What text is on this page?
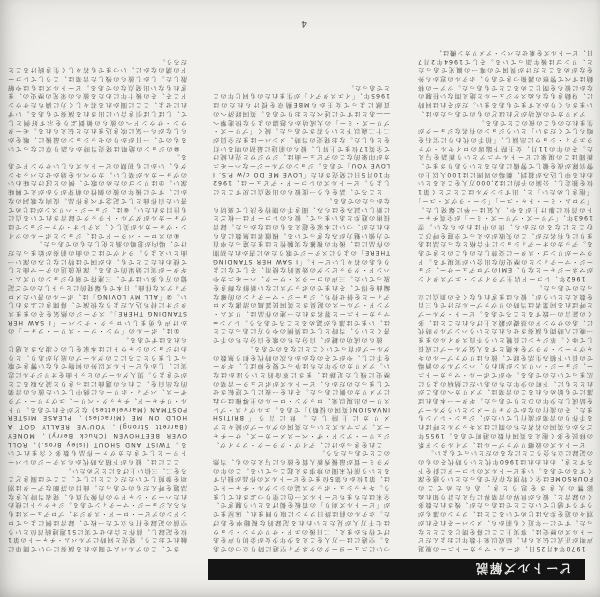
ビートルズ解説

1970年4月25日、ポール・マッカートニーの脱退声明が正式に伝えられ、結成以来十数年におよんだビートルズの歴史は、事実上ここに幕を閉じることとなった。すでに一年近くも前から、メンバーそれぞれが別々の道を歩みはじめていることは、ファンの誰もがうすうす感じていたことではあったが、残された数多くの録音と、彼らが世界の音楽界に与えた計り知れぬ影響の大きさを思うとき、あらためてこのFOURSOMEは全く特別な存在であったという感を深くするのである。いまビートルズのレコードに針を下ろすとき、われわれは1960年代という時代そのものの記録に立ち会うことになるのだといってもよい。

ビートルズの故郷リヴァプールは、アイルランド系の移民を多く抱える英国有数の港町である。1955年ごろから英国の若者たちの間にはスキッフルと呼ばれる手作りの音楽が流行していたが、ジョン・レノンもまた、その流行のなかでクォリーメンというグループを結成した少年のひとりであった。ギター一本あれば誰にでも始められるこの音楽は、アメリカへのあこがれとともに、下町の少年たちのあいだに熱病のように広まっていたのである。やがてポール・マッカートニー、ジョージ・ハリスンが加わり、ハンブルクの酒場での長い下積み生活を経て、彼らはリヴァプールのキャヴァーン・クラブを本拠とする人気グループに成長してゆく。革ジャンに長靴という不良スタイルのまま一晩に八時間も演奏させられたというハンブルク時代に、あのサウンドの基礎が鍛え上げられたことは、多くの証言の一致するところである。ビート・グループと呼ばれる同業者は当時のリヴァプールだけでも三百を数えたというが、彼らはまぎれもなくその頂点に立ったのであった。

1962年、レコード店主ブライアン・エプスタインがマネージャーとなり、EMIのプロデューサー、ジョージ・マーティンとの歴史的な出会いが実現する。ドラマーがリンゴ・スターに交替したのもこのときである。デッカのオーディションに不合格となった話はあまりにも有名だが、この失敗がかえって幸運を呼びこむことになるのだから、世の中はわからない。翌1963年、「プリーズ・プリーズ・ミー」が全英チャートの首位に駆け上がるや、人気は一挙に爆発した。「フロム・ミー・トゥ・ユー」「シー・ラヴズ・ユー」「抱きしめたい」と、出すシングルはことごとく第1位を独走し、公演の予約には2,000万人をこえるといわれる申し込みが殺到、劇場の周囲には100人以上の警官隊が夜を徹して警備にあたるというありさまで、新聞はこの現象にビートルマニアという新語を与えた。その年の11月、女王陛下臨席のロイヤル・ヴァラエティ・ショウに出演し、「拍手の代わりに宝石を鳴らしてください」というジョンの有名なジョークが生まれたのもこの夜のことである。

アメリカでの成功がどれほどのものであったかは、いまさらくりかえすまでもあるまい。だがそれは同時に、身動きもならぬスケジュールと絶え間ない狂騒のなかに彼らを閉じこめることでもあった。ツアーの移動はすべて警察の護衛つきであり、ホテルの窓から外をながめることだけが異国での唯一の観光であったと、リンゴは後年語っている。そして1964年2月7日、ビートルズを乗せたパン・アメリカン機は、

ついにニューヨークのケネディ空港に降り立つのである。空港には一万人をこえる少年少女が金切り声をあげて待ちかまえ、二日後のエド・サリヴァン・ショウは七千万人が見たといわれる記録的な視聴率をあげた。ホテルの前は終日ファンに取り囲まれ、床屋までが「ビートルズ刈り」の看板を掲げるという騒ぎで、全米はたちまちビートルズ一色に塗りつぶされてしまう。キャッシュ・ボックス誌のシングル・チャートでは、第1位から第5位までをビートルズの作品が独占するという前代未聞の珍事さえ起こっている。この年のグラミー賞が最優秀新人賞を彼らに与えたのも、当然のことであったろう。

これをきっかけに、デイヴ・クラーク・ファイヴ、ジェリー・アンド・ザ・ペースメーカーズ、サーチャーズ、アニマルズといった英国のグループが続々とアメリカに上陸した。世に言う「BRITISH INVASION(英国の侵略)」である。エルヴィス・プレスリーの出現以来、ロックン・ロールの主導権はつねにアメリカの側にあった。それを一夜にして逆転させてしまったのだから、ビートルズがポピュラー音楽の歴史に残した足跡は、まさに革命的というほかはない。アメリカの少年たちは争って髪を伸ばし、ギターを手にし、やがてそのなかから次の時代を担う無数のグループが育っていくことになるのである。

彼らの成功の鍵が、自分たちの歌を自分たちの手で書くという、当時としては異例のやり方にあったことは、いまでは誰もが認めるところであろう。レノン=マッカートニーと署名された一連の作品は、リズム・アンド・ブルースの泥臭さと英国民謡風の清潔なメロディーとを併せ持ち、ジョージ・マーティンの的確な編曲を得て、それまでのポップスにない新鮮な輝きを放っていた。三声のコーラス・ワーク、ハーモニカやハンド・クラッピングの効果的な使用、そしてなによりもあの若々しいビート。「I SAW HER STANDING THERE」のようにステージで歌うために書かれた初期の作品には、後年の複雑な実験性とはまた違った率直で力強い魅力がみなぎっている。模倣者は無数にあらわれたが、ついに本家を超えるものはなかった。録音技術の進歩とあいまって、彼らのレコードは一枚ごとに新しい試みをはらみ、聞き手の期待を決して裏切らなかったのである。

ところで、話をもう一度彼らの出発点に戻すことにしよう。ビートルズのレコード・デビューは、1962年10月5日に発売された「LOVE ME DO c/w P.S. I LOVE YOU」である。ジョンのブルージーなハーモニカが印象的なこのデビュー曲は、ジワジワと売れ続けて全英17位まで上昇し、彼らの前途に最初の明るい灯をともした。なお発売の当時、メンバーはまだ全員が二十二歳以下という若さであった。続く「プリーズ・プリーズ・ミー」の大成功から怒濤のような快進撃へ――あとはすでに述べたとおりである。英国経済への貢献によって女王からMBE勲章を授けられたのは1965年、「イエスタデイ」が生まれたのも同じ年のことであった。

さて、このアルバムで聞かれる演奏について簡単に触れておこう。発売と同時にアルバム・チャートの第1位を記録し、前作と合わせて実に51週連続首位という空前の記録を打ち立てた一枚で、録音は例によってロンドンのアビー・ロード・スタジオ、プロデュースはもちろんジョージ・マーティンである。ジャケットに使われたハーフ・シャドウの肖像写真も、発表当時大きな話題を呼んだものであった。曲目の詳細なデータは別項を参照していただくことにして、ここでは聞きどころを二、三拾い上げるにとどめたい。

ここには、彼らが下積み時代からステージのレパートリーとしてきたカヴァー作品も数多く含まれている。TWIST AND SHOUT (Isley Bros.)、ROLL OVER BEETHOVEN (Chuck Berry)、MONEY (Barrett Strong)、YOU'VE REALLY GOT A HOLD ON ME (Miracles)、PLEASE MISTER POSTMAN (Marvelettes) などがそれである。リトル・リチャード、チャック・ベリー、エヴァリー・ブラザース、バディ・ホリーらに熱中していた彼らの音楽的な出自を、これらの選曲にはっきりと読み取ることができよう。黒人グループのヒット曲をオリジナルに忠実に、しかもビートルズ以外の何物でもない響きで歌ってしまうところにこのグループの底力があり、とりわけジョンのシャウトには本家をしのぐ凄みさえ感じられるはずである。

①は、ポールの「ワン・ツー・スリー・フォー」のかけ声も勇ましいロック・ナンバー「I SAW HER STANDING THERE」。ステージの熱気をそのままスタジオに持ち込んだような快演で、幕開きにふさわしい。②「ALL MY LOVING」は、ポールの書いたメロディアスな佳曲。日本でも爆発的にヒットしたのでご記憶の方も多いはずで、三連符で刻むジョンのリズム・ギターが実に効果的である。深夜放送のテーマ曲として使われたことでも、わが国では特になじみの深い一曲といえよう。ライヴではこの曲の前奏が始まっただけで、場内が悲鳴の渦と化したものであった。

④のスロー・バラードでは、ジョンとポールのツイン・ヴォーカルが美しく、ステレオ・ヴァージョンではヴォーカルがダブル・トラックで録音されている点にも注目されたい。⑥は、ジョージ・ハリスンがはじめて書いた自作曲として記念すべき作品。皮肉な歌詞のなかに、すでに後年の彼の個性の萌芽がうかがえて興味深い。⑦はリンゴのための歌で、例のとぼけた味わいのヴォーカルが楽しい。カウベルを効かせたバッキングも、いかにも初期のビートルズらしいサウンドである。

⑩のジョンの絶唱は発売当時から語り草になっているもので、一日がかりのセッションの最後に、喉をからしながら一気に吹き込まれたと伝えられる。モータウン・サウンドへの彼らの傾倒ぶりを示す好例として、しばしば引き合いに出される演奏でもある。いずれにせよ、ここに聞かれる若々しく力に満ちたサウンドこそ、その後十年にわたる彼らの栄光の歴史の、まぎれもない出発点なのである。ビートルズはもはや解散した。しかし彼らの残した音楽は、こうしてレコードの溝のなかに、いつまでも若々しく生き続けることだろう。

4
